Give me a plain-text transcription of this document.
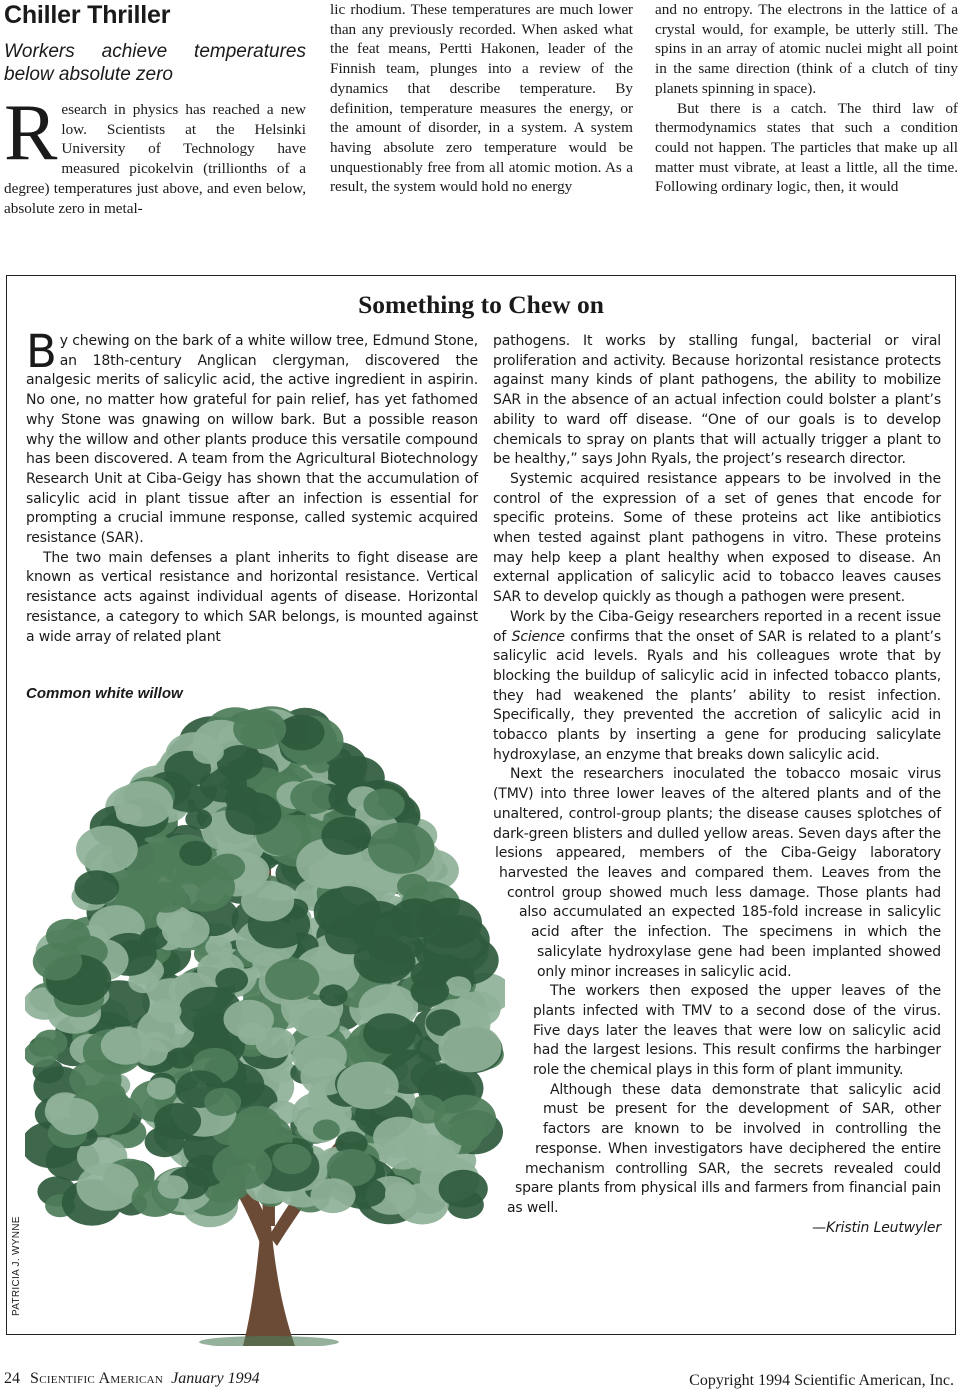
Chiller Thriller
Workers achieve temperatures below absolute zero

Research in physics has reached a new low. Scientists at the Helsinki University of Technology have measured picokelvin (trillionths of a degree) temperatures just above, and even below, absolute zero in metal-

lic rhodium. These temperatures are much lower than any previously recorded. When asked what the feat means, Pertti Hakonen, leader of the Finnish team, plunges into a review of the dynamics that describe temperature. By definition, temperature measures the energy, or the amount of disorder, in a system. A system having absolute zero temperature would be unquestionably free from all atomic motion. As a result, the system would hold no energy

and no entropy. The electrons in the lattice of a crystal would, for example, be utterly still. The spins in an array of atomic nuclei might all point in the same direction (think of a clutch of tiny planets spinning in space).

But there is a catch. The third law of thermodynamics states that such a condition could not happen. The particles that make up all matter must vibrate, at least a little, all the time. Following ordinary logic, then, it would

Something to Chew on

By chewing on the bark of a white willow tree, Edmund Stone, an 18th-century Anglican clergyman, discovered the analgesic merits of salicylic acid, the active ingredient in aspirin. No one, no matter how grateful for pain relief, has yet fathomed why Stone was gnawing on willow bark. But a possible reason why the willow and other plants produce this versatile compound has been discovered. A team from the Agricultural Biotechnology Research Unit at Ciba-Geigy has shown that the accumulation of salicylic acid in plant tissue after an infection is essential for prompting a crucial immune response, called systemic acquired resistance (SAR).

The two main defenses a plant inherits to fight disease are known as vertical resistance and horizontal resistance. Vertical resistance acts against individual agents of disease. Horizontal resistance, a category to which SAR belongs, is mounted against a wide array of related plant

pathogens. It works by stalling fungal, bacterial or viral proliferation and activity. Because horizontal resistance protects against many kinds of plant pathogens, the ability to mobilize SAR in the absence of an actual infection could bolster a plant’s ability to ward off disease. “One of our goals is to develop chemicals to spray on plants that will actually trigger a plant to be healthy,” says John Ryals, the project’s research director.

Systemic acquired resistance appears to be involved in the control of the expression of a set of genes that encode for specific proteins. Some of these proteins act like antibiotics when tested against plant pathogens in vitro. These proteins may help keep a plant healthy when exposed to disease. An external application of salicylic acid to tobacco leaves causes SAR to develop quickly as though a pathogen were present.

Work by the Ciba-Geigy researchers reported in a recent issue of Science confirms that the onset of SAR is related to a plant’s salicylic acid levels. Ryals and his colleagues wrote that by blocking the buildup of salicylic acid in infected tobacco plants, they had weakened the plants’ ability to resist infection. Specifically, they prevented the accretion of salicylic acid in tobacco plants by inserting a gene for producing salicylate hydroxylase, an enzyme that breaks down salicylic acid.

Next the researchers inoculated the tobacco mosaic virus (TMV) into three lower leaves of the altered plants and of the unaltered, control-group plants; the disease causes splotches of dark-green blisters and dulled yellow areas. Seven days after the lesions appeared, members of the Ciba-Geigy laboratory harvested the leaves and compared them. Leaves from the control group showed much less damage. Those plants had also accumulated an expected 185-fold increase in salicylic acid after the infection. The specimens in which the salicylate hydroxylase gene had been implanted showed only minor increases in salicylic acid.

The workers then exposed the upper leaves of the plants infected with TMV to a second dose of the virus. Five days later the leaves that were low on salicylic acid had the largest lesions. This result confirms the harbinger role the chemical plays in this form of plant immunity.

Although these data demonstrate that salicylic acid must be present for the development of SAR, other factors are known to be involved in controlling the response. When investigators have deciphered the entire mechanism controlling SAR, the secrets revealed could spare plants from physical ills and farmers from financial pain as well.
—Kristin Leutwyler

Common white willow
PATRICIA J. WYNNE
24 Scientific American January 1994	Copyright 1994 Scientific American, Inc.
